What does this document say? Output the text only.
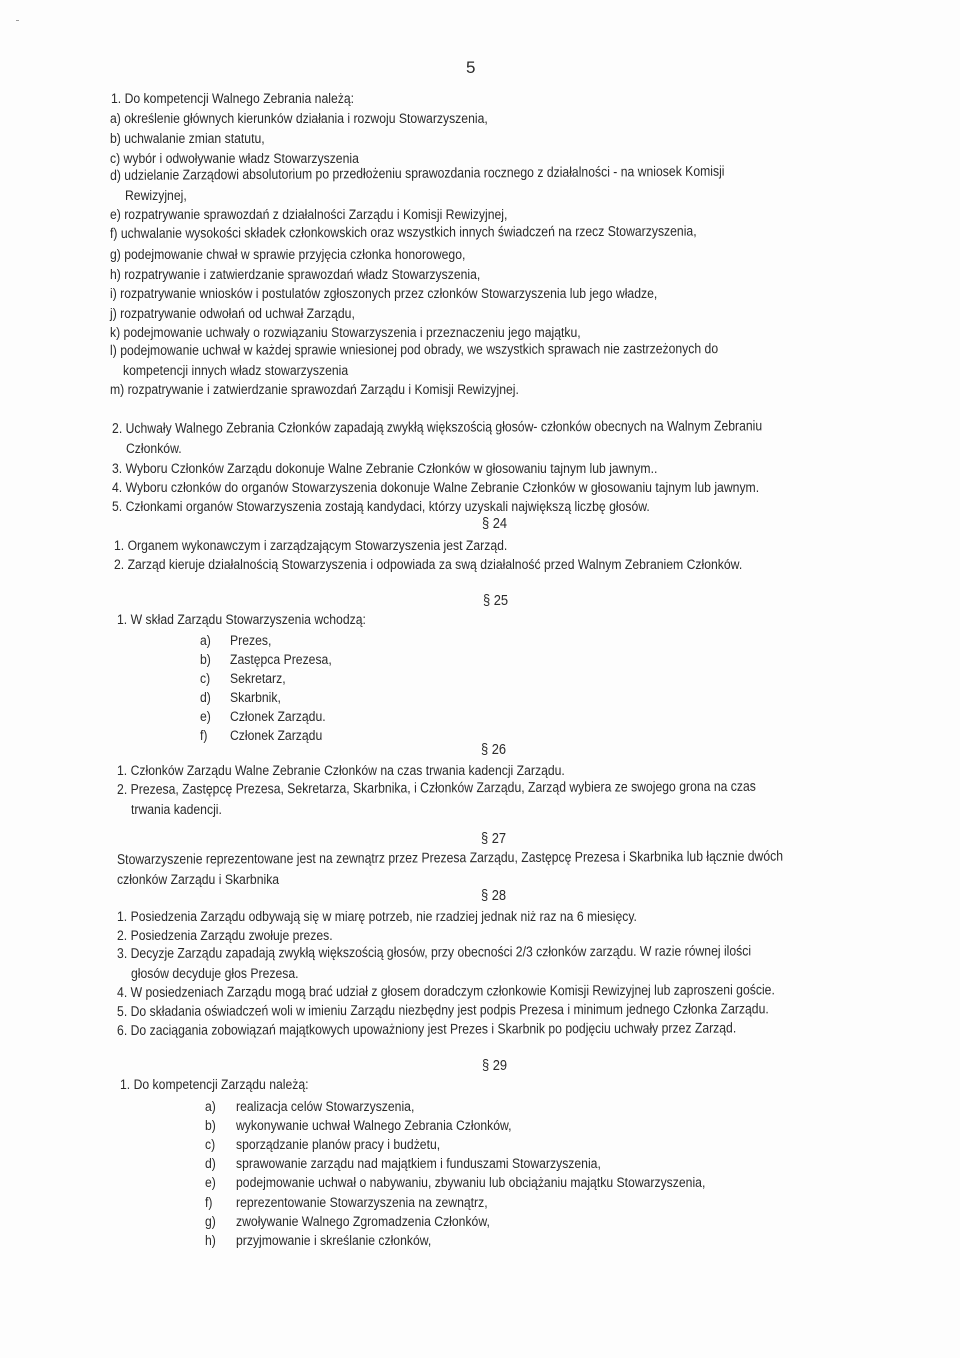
5
1. Do kompetencji Walnego Zebrania należą:
a) określenie głównych kierunków działania i rozwoju Stowarzyszenia,
b) uchwalanie zmian statutu,
c) wybór i odwoływanie władz Stowarzyszenia
d) udzielanie Zarządowi absolutorium po przedłożeniu sprawozdania rocznego z działalności - na wniosek Komisji
Rewizyjnej,
e) rozpatrywanie sprawozdań z działalności Zarządu i Komisji Rewizyjnej,
f) uchwalanie wysokości składek członkowskich oraz wszystkich innych świadczeń na rzecz Stowarzyszenia,
g) podejmowanie chwał w sprawie przyjęcia członka honorowego,
h) rozpatrywanie i zatwierdzanie sprawozdań władz Stowarzyszenia,
i) rozpatrywanie wniosków i postulatów zgłoszonych przez członków Stowarzyszenia lub jego władze,
j) rozpatrywanie odwołań od uchwał Zarządu,
k) podejmowanie uchwały o rozwiązaniu Stowarzyszenia i przeznaczeniu jego majątku,
l) podejmowanie uchwał w każdej sprawie wniesionej pod obrady, we wszystkich sprawach nie zastrzeżonych do
kompetencji innych władz stowarzyszenia
m) rozpatrywanie i zatwierdzanie sprawozdań Zarządu i Komisji Rewizyjnej.
2. Uchwały Walnego Zebrania Członków zapadają zwykłą większością głosów- członków obecnych na Walnym Zebraniu
Członków.
3. Wyboru Członków Zarządu dokonuje Walne Zebranie Członków w głosowaniu tajnym lub jawnym..
4. Wyboru członków do organów Stowarzyszenia dokonuje Walne Zebranie Członków w głosowaniu tajnym lub jawnym.
5. Członkami organów Stowarzyszenia zostają kandydaci, którzy uzyskali największą liczbę głosów.
§ 24
1. Organem wykonawczym i zarządzającym Stowarzyszenia jest Zarząd.
2. Zarząd kieruje działalnością Stowarzyszenia i odpowiada za swą działalność przed Walnym Zebraniem Członków.
§ 25
1. W skład Zarządu Stowarzyszenia wchodzą:
a) Prezes,
b) Zastępca Prezesa,
c) Sekretarz,
d) Skarbnik,
e) Członek Zarządu.
f) Członek Zarządu
§ 26
1. Członków Zarządu Walne Zebranie Członków na czas trwania kadencji Zarządu.
2. Prezesa, Zastępcę Prezesa, Sekretarza, Skarbnika, i Członków Zarządu, Zarząd wybiera ze swojego grona na czas
trwania kadencji.
§ 27
Stowarzyszenie reprezentowane jest na zewnątrz przez Prezesa Zarządu, Zastępcę Prezesa i Skarbnika lub łącznie dwóch
członków Zarządu i Skarbnika
§ 28
1. Posiedzenia Zarządu odbywają się w miarę potrzeb, nie rzadziej jednak niż raz na 6 miesięcy.
2. Posiedzenia Zarządu zwołuje prezes.
3. Decyzje Zarządu zapadają zwykłą większością głosów, przy obecności 2/3 członków zarządu. W razie równej ilości
głosów decyduje głos Prezesa.
4. W posiedzeniach Zarządu mogą brać udział z głosem doradczym członkowie Komisji Rewizyjnej lub zaproszeni goście.
5. Do składania oświadczeń woli w imieniu Zarządu niezbędny jest podpis Prezesa i minimum jednego Członka Zarządu.
6. Do zaciągania zobowiązań majątkowych upoważniony jest Prezes i Skarbnik po podjęciu uchwały przez Zarząd.
§ 29
1. Do kompetencji Zarządu należą:
a) realizacja celów Stowarzyszenia,
b) wykonywanie uchwał Walnego Zebrania Członków,
c) sporządzanie planów pracy i budżetu,
d) sprawowanie zarządu nad majątkiem i funduszami Stowarzyszenia,
e) podejmowanie uchwał o nabywaniu, zbywaniu lub obciążaniu majątku Stowarzyszenia,
f) reprezentowanie Stowarzyszenia na zewnątrz,
g) zwoływanie Walnego Zgromadzenia Członków,
h) przyjmowanie i skreślanie członków,
